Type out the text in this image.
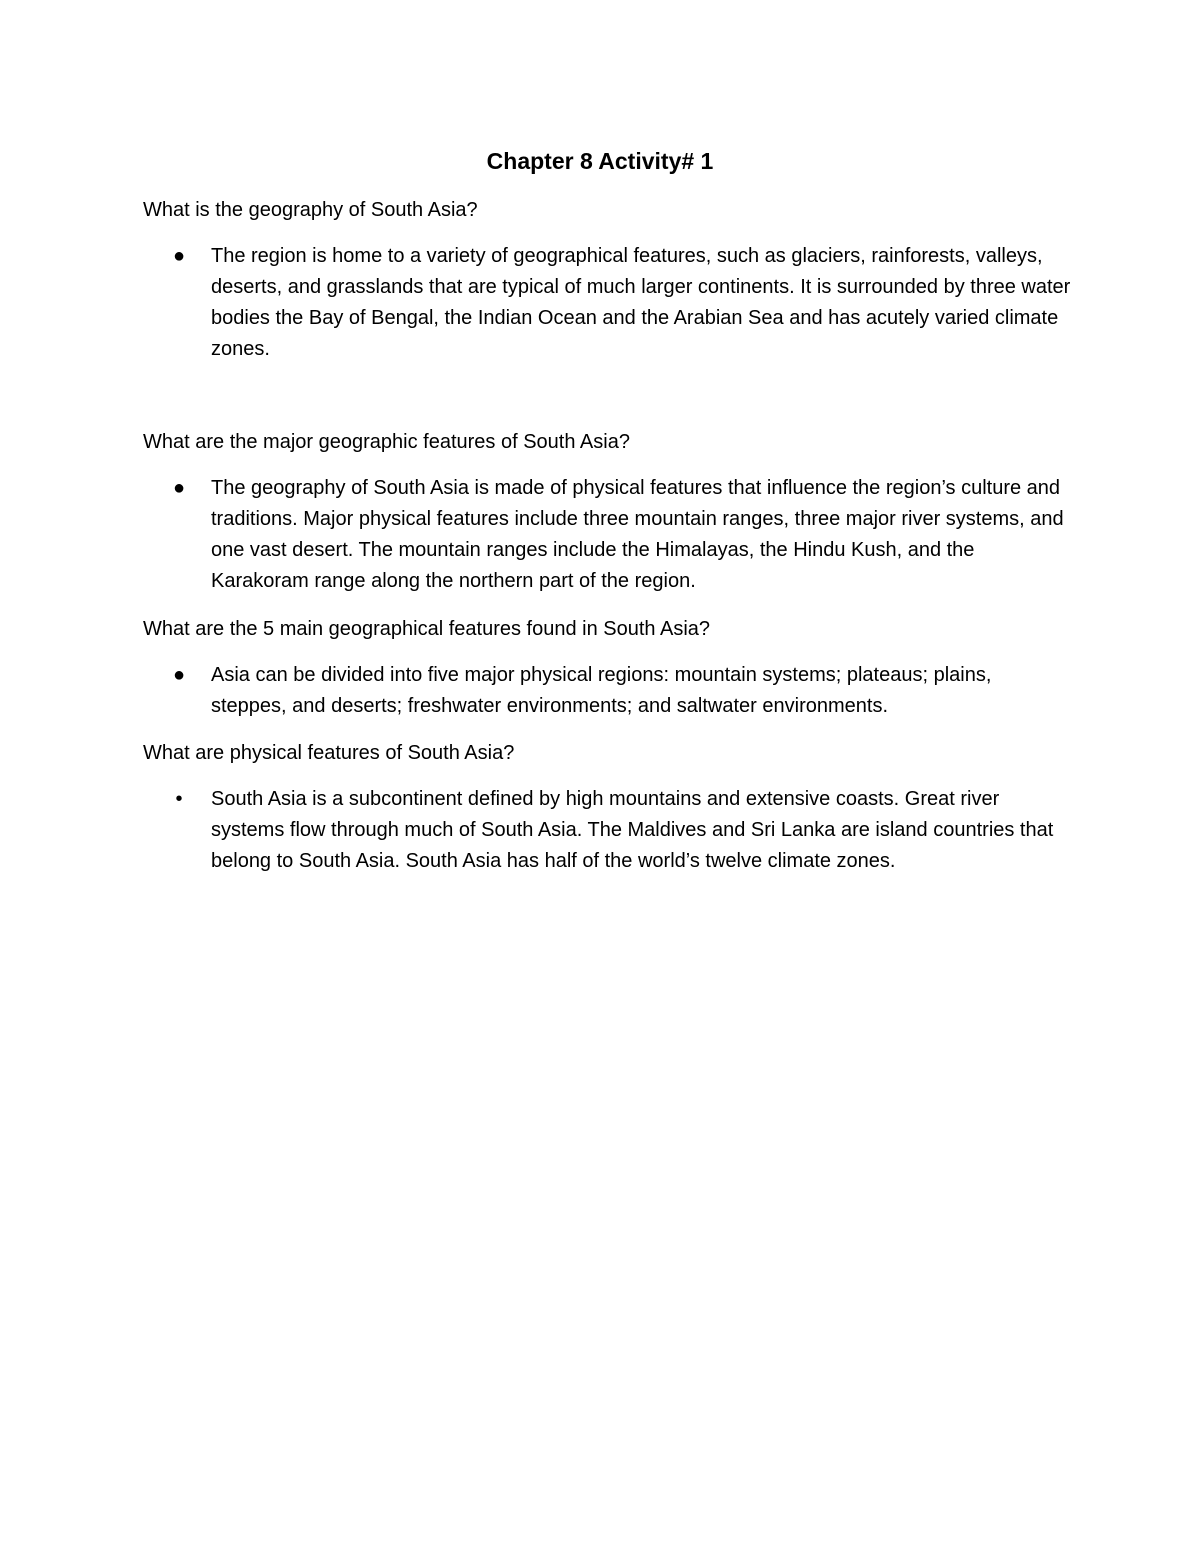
Chapter 8 Activity# 1

What is the geography of South Asia?

● The region is home to a variety of geographical features, such as glaciers, rainforests, valleys, deserts, and grasslands that are typical of much larger continents. It is surrounded by three water bodies the Bay of Bengal, the Indian Ocean and the Arabian Sea and has acutely varied climate zones.

What are the major geographic features of South Asia?

● The geography of South Asia is made of physical features that influence the region’s culture and traditions. Major physical features include three mountain ranges, three major river systems, and one vast desert. The mountain ranges include the Himalayas, the Hindu Kush, and the Karakoram range along the northern part of the region.

What are the 5 main geographical features found in South Asia?

● Asia can be divided into five major physical regions: mountain systems; plateaus; plains, steppes, and deserts; freshwater environments; and saltwater environments.

What are physical features of South Asia?

• South Asia is a subcontinent defined by high mountains and extensive coasts. Great river systems flow through much of South Asia. The Maldives and Sri Lanka are island countries that belong to South Asia. South Asia has half of the world’s twelve climate zones.
